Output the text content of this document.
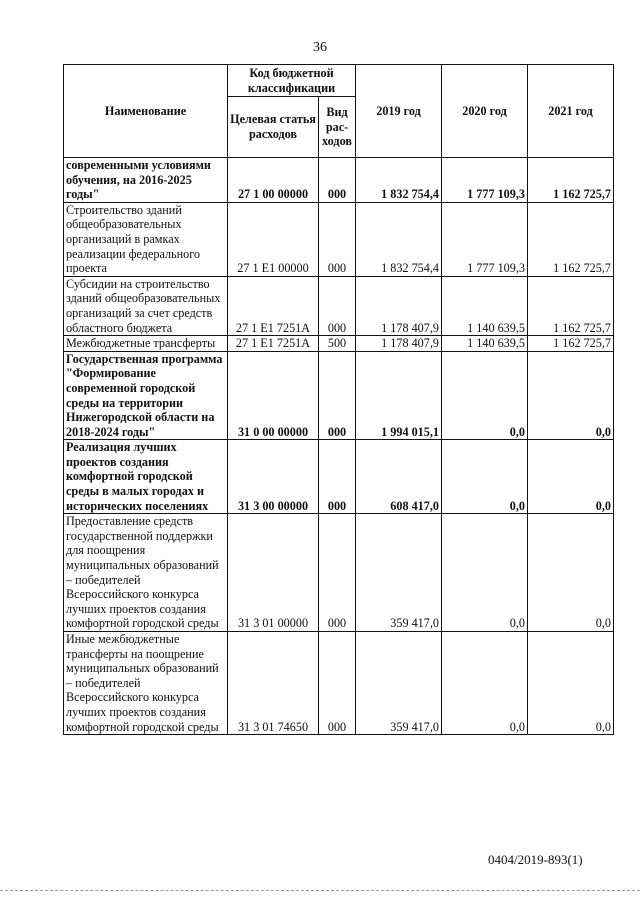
36
Наименование	Код бюджетной классификации		2019 год	2020 год	2021 год
	Целевая статья расходов	Вид рас-ходов			
современными условиями обучения, на 2016-2025 годы"	27 1 00 00000	000	1 832 754,4	1 777 109,3	1 162 725,7
Строительство зданий общеобразовательных организаций в рамках реализации федерального проекта	27 1 E1 00000	000	1 832 754,4	1 777 109,3	1 162 725,7
Субсидии на строительство зданий общеобразовательных организаций за счет средств областного бюджета	27 1 E1 7251A	000	1 178 407,9	1 140 639,5	1 162 725,7
Межбюджетные трансферты	27 1 E1 7251A	500	1 178 407,9	1 140 639,5	1 162 725,7
Государственная программа "Формирование современной городской среды на территории Нижегородской области на 2018-2024 годы"	31 0 00 00000	000	1 994 015,1	0,0	0,0
Реализация лучших проектов создания комфортной городской среды в малых городах и исторических поселениях	31 3 00 00000	000	608 417,0	0,0	0,0
Предоставление средств государственной поддержки для поощрения муниципальных образований – победителей Всероссийского конкурса лучших проектов создания комфортной городской среды	31 3 01 00000	000	359 417,0	0,0	0,0
Иные межбюджетные трансферты на поощрение муниципальных образований – победителей Всероссийского конкурса лучших проектов создания комфортной городской среды	31 3 01 74650	000	359 417,0	0,0	0,0
0404/2019-893(1)
